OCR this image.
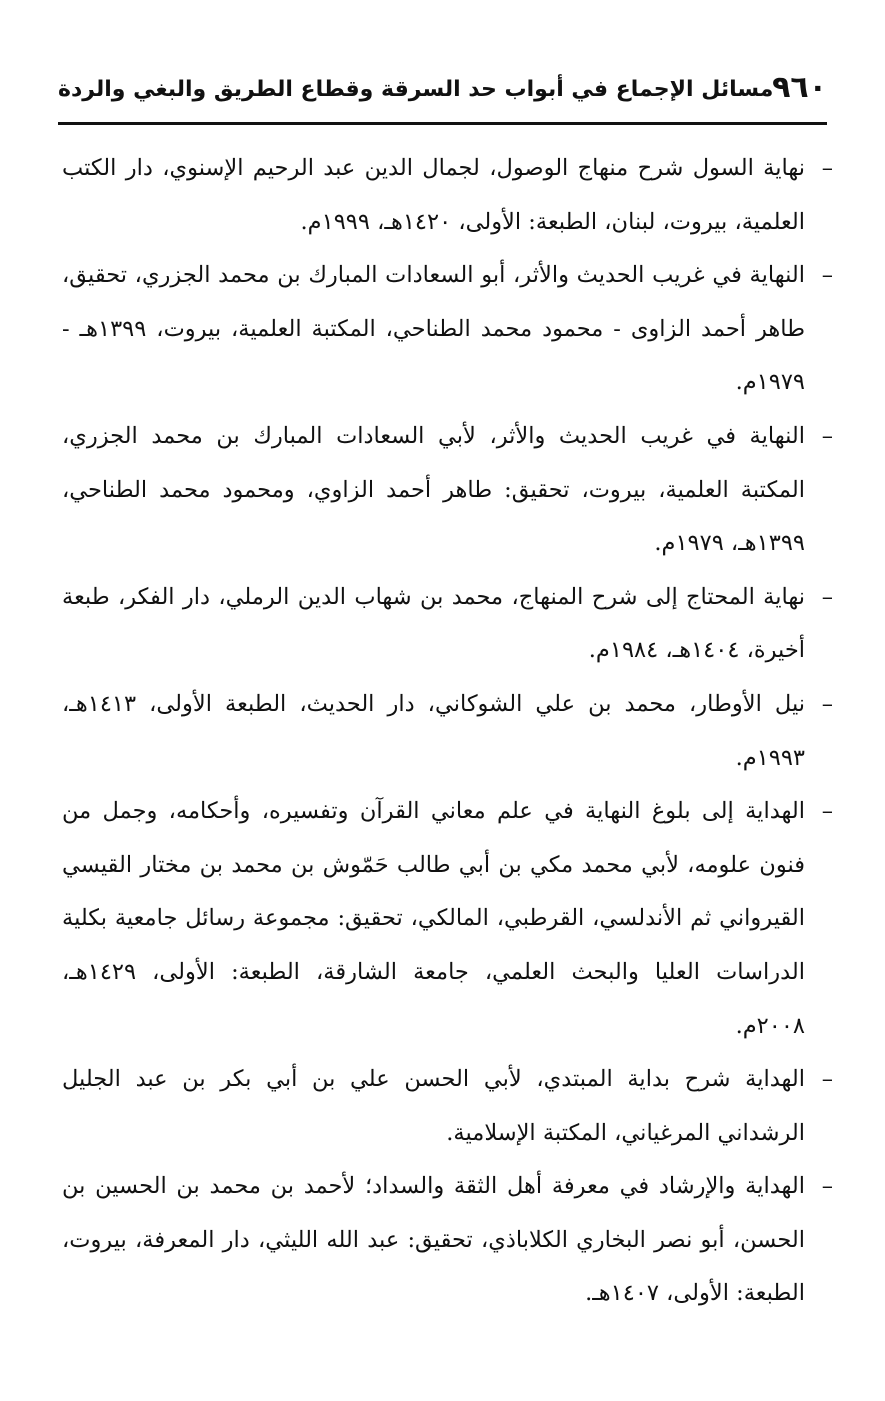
٩٦٠
مسائل الإجماع في أبواب حد السرقة وقطاع الطريق والبغي والردة
–
نهاية السول شرح منهاج الوصول، لجمال الدين عبد الرحيم الإسنوي، دار الكتب العلمية، بيروت، لبنان، الطبعة: الأولى، ١٤٢٠هـ، ١٩٩٩م.
–
النهاية في غريب الحديث والأثر، أبو السعادات المبارك بن محمد الجزري، تحقيق، طاهر أحمد الزاوى - محمود محمد الطناحي، المكتبة العلمية، بيروت، ١٣٩٩هـ - ١٩٧٩م.
–
النهاية في غريب الحديث والأثر، لأبي السعادات المبارك بن محمد الجزري، المكتبة العلمية، بيروت، تحقيق: طاهر أحمد الزاوي، ومحمود محمد الطناحي، ١٣٩٩هـ، ١٩٧٩م.
–
نهاية المحتاج إلى شرح المنهاج، محمد بن شهاب الدين الرملي، دار الفكر، طبعة أخيرة، ١٤٠٤هـ، ١٩٨٤م.
–
نيل الأوطار، محمد بن علي الشوكاني، دار الحديث، الطبعة الأولى، ١٤١٣هـ، ١٩٩٣م.
–
الهداية إلى بلوغ النهاية في علم معاني القرآن وتفسيره، وأحكامه، وجمل من فنون علومه، لأبي محمد مكي بن أبي طالب حَمّوش بن محمد بن مختار القيسي القيرواني ثم الأندلسي، القرطبي، المالكي، تحقيق: مجموعة رسائل جامعية بكلية الدراسات العليا والبحث العلمي، جامعة الشارقة، الطبعة: الأولى، ١٤٢٩هـ، ٢٠٠٨م.
–
الهداية شرح بداية المبتدي، لأبي الحسن علي بن أبي بكر بن عبد الجليل الرشداني المرغياني، المكتبة الإسلامية.
–
الهداية والإرشاد في معرفة أهل الثقة والسداد؛ لأحمد بن محمد بن الحسين بن الحسن، أبو نصر البخاري الكلاباذي، تحقيق: عبد الله الليثي، دار المعرفة، بيروت، الطبعة: الأولى، ١٤٠٧هـ.
